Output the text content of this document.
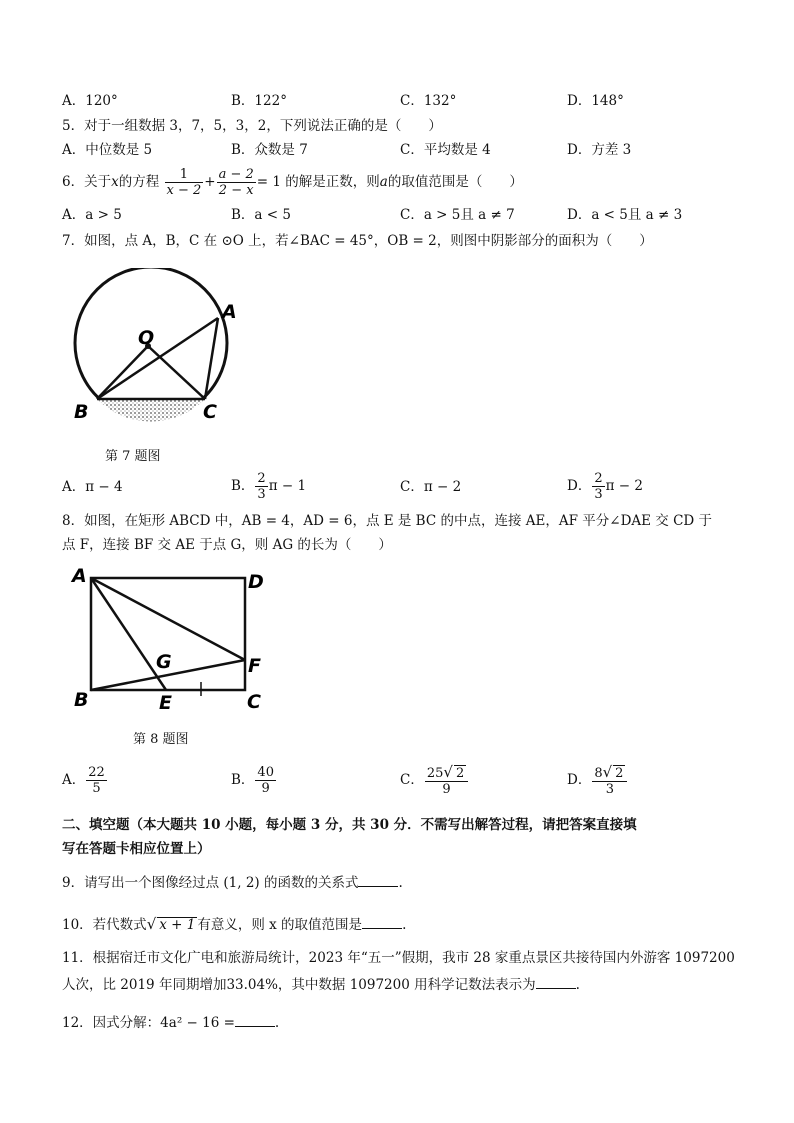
A．120°	B．122°	C．132°	D．148°
5．对于一组数据 3，7，5，3，2，下列说法正确的是（　　）
A．中位数是 5	B．众数是 7	C．平均数是 4	D．方差 3
6．关于x的方程 $\frac{1}{x - 2} + \frac{a - 2}{2 - x} = 1$ 的解是正数，则a的取值范围是（　　）
A．a > 5	B．a < 5	C．a > 5且 a ≠ 7	D．a < 5且 a ≠ 3
7．如图，点 A，B，C 在 ⊙O 上，若∠BAC = 45°，OB = 2，则图中阴影部分的面积为（　　）
O
A
B	C
第 7 题图
A．π − 4	B． $\frac{2}{3}$ π − 1	C．π − 2	D． $\frac{2}{3}$ π − 2
8．如图，在矩形 ABCD 中，AB = 4，AD = 6，点 E 是 BC 的中点，连接 AE，AF 平分∠DAE 交 CD 于
点 F，连接 BF 交 AE 于点 G，则 AG 的长为（　　）
A	D
B	C
E
F
G
第 8 题图
A． $\frac{22}{5}$	B． $\frac{40}{9}$	C． $\frac{25√ 2}{9}$	D． $\frac{8√ 2}{3}$
二、填空题（本大题共 10 小题，每小题 3 分，共 30 分．不需写出解答过程，请把答案直接填
写在答题卡相应位置上）
9．请写出一个图像经过点 (1, 2) 的函数的关系式	.
10．若代数式√ x + 1 有意义，则 x 的取值范围是	.
11．根据宿迁市文化广电和旅游局统计，2023 年“五一”假期，我市 28 家重点景区共接待国内外游客 1097200
人次，比 2019 年同期增加33.04%，其中数据 1097200 用科学记数法表示为	.
12．因式分解：4a² − 16 =	.
